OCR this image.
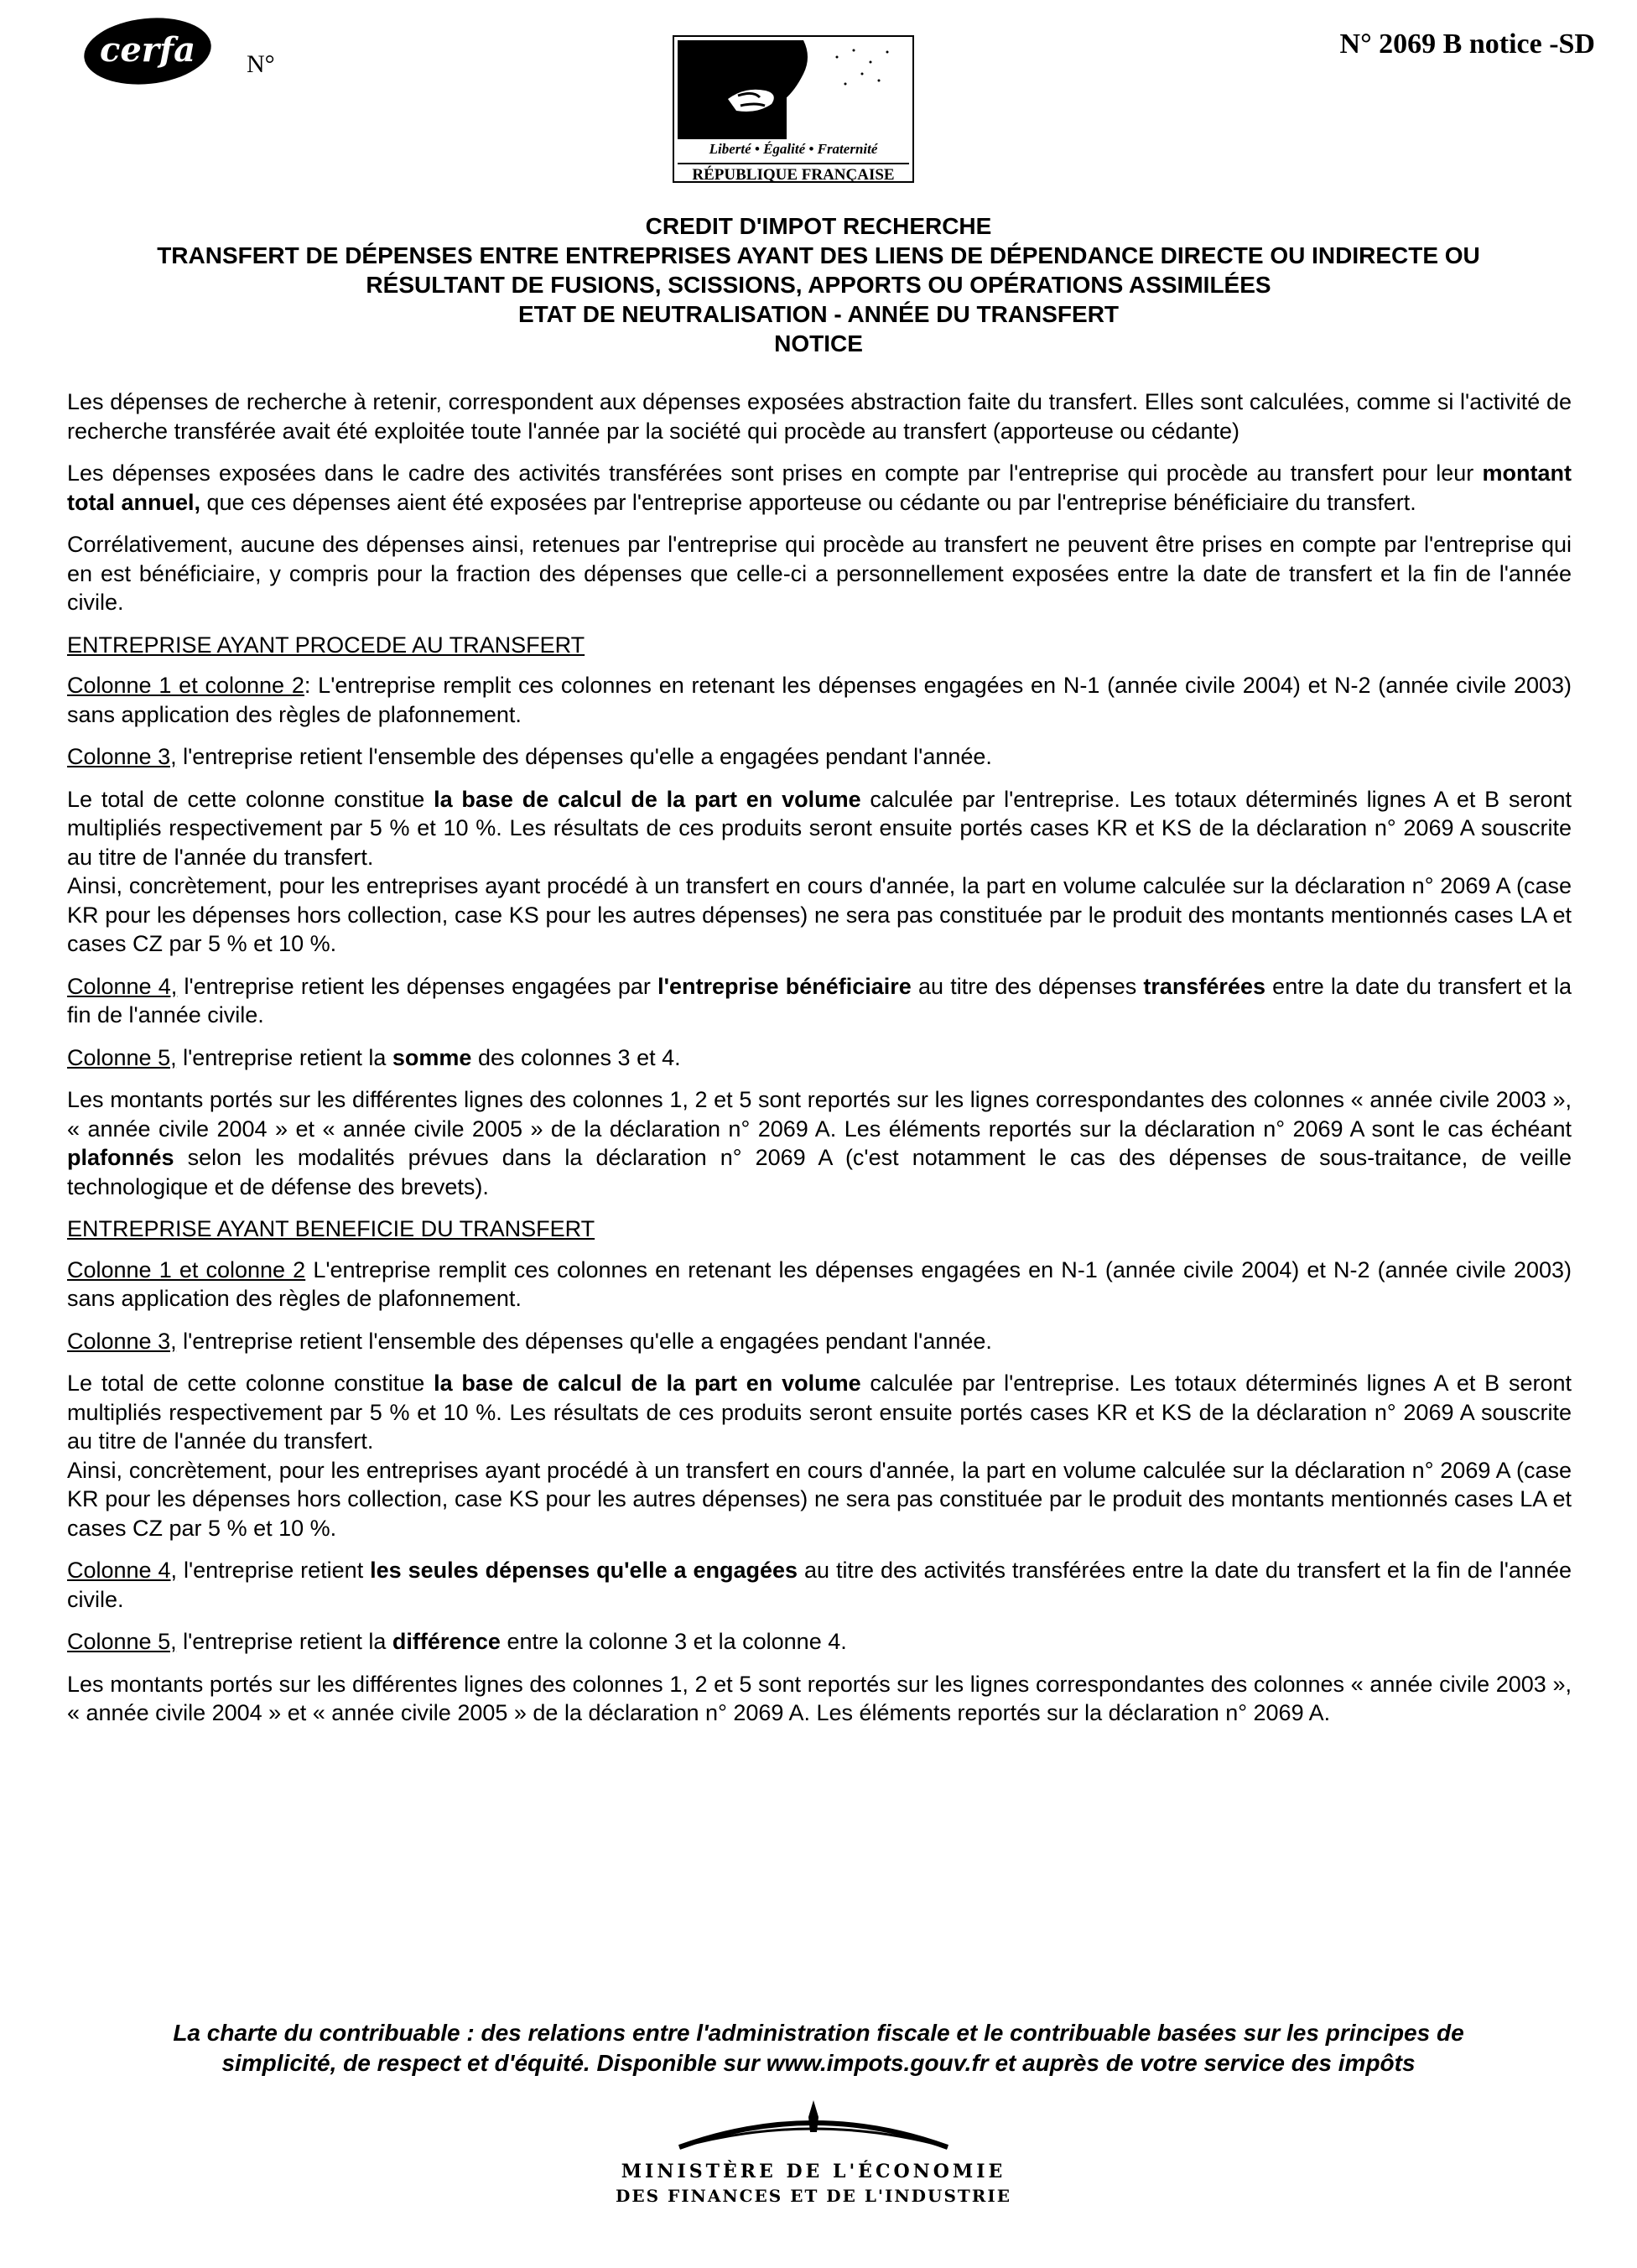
cerfa	N°
N° 2069 B notice -SD
Liberté • Égalité • Fraternité
RÉPUBLIQUE FRANÇAISE
CREDIT D'IMPOT RECHERCHE
TRANSFERT DE DÉPENSES ENTRE ENTREPRISES AYANT DES LIENS DE DÉPENDANCE DIRECTE OU INDIRECTE OU
RÉSULTANT DE FUSIONS, SCISSIONS, APPORTS OU OPÉRATIONS ASSIMILÉES
ETAT DE NEUTRALISATION - ANNÉE DU TRANSFERT
NOTICE

Les dépenses de recherche à retenir, correspondent aux dépenses exposées abstraction faite du transfert. Elles sont calculées, comme si l'activité de recherche transférée avait été exploitée toute l'année par la société qui procède au transfert (apporteuse ou cédante)

Les dépenses exposées dans le cadre des activités transférées sont prises en compte par l'entreprise qui procède au transfert pour leur montant total annuel, que ces dépenses aient été exposées par l'entreprise apporteuse ou cédante ou par l'entreprise bénéficiaire du transfert.

Corrélativement, aucune des dépenses ainsi, retenues par l'entreprise qui procède au transfert ne peuvent être prises en compte par l'entreprise qui en est bénéficiaire, y compris pour la fraction des dépenses que celle-ci a personnellement exposées entre la date de transfert et la fin de l'année civile.

ENTREPRISE AYANT PROCEDE AU TRANSFERT

Colonne 1 et colonne 2: L'entreprise remplit ces colonnes en retenant les dépenses engagées en N-1 (année civile 2004) et N-2 (année civile 2003) sans application des règles de plafonnement.

Colonne 3, l'entreprise retient l'ensemble des dépenses qu'elle a engagées pendant l'année.

Le total de cette colonne constitue la base de calcul de la part en volume calculée par l'entreprise. Les totaux déterminés lignes A et B seront multipliés respectivement par 5 % et 10 %. Les résultats de ces produits seront ensuite portés cases KR et KS de la déclaration n° 2069 A souscrite au titre de l'année du transfert.

Ainsi, concrètement, pour les entreprises ayant procédé à un transfert en cours d'année, la part en volume calculée sur la déclaration n° 2069 A (case KR pour les dépenses hors collection, case KS pour les autres dépenses) ne sera pas constituée par le produit des montants mentionnés cases LA et cases CZ par 5 % et 10 %.

Colonne 4, l'entreprise retient les dépenses engagées par l'entreprise bénéficiaire au titre des dépenses transférées entre la date du transfert et la fin de l'année civile.

Colonne 5, l'entreprise retient la somme des colonnes 3 et 4.

Les montants portés sur les différentes lignes des colonnes 1, 2 et 5 sont reportés sur les lignes correspondantes des colonnes « année civile 2003 », « année civile 2004 » et « année civile 2005 » de la déclaration n° 2069 A. Les éléments reportés sur la déclaration n° 2069 A sont le cas échéant plafonnés selon les modalités prévues dans la déclaration n° 2069 A (c'est notamment le cas des dépenses de sous-traitance, de veille technologique et de défense des brevets).

ENTREPRISE AYANT BENEFICIE DU TRANSFERT

Colonne 1 et colonne 2 L'entreprise remplit ces colonnes en retenant les dépenses engagées en N-1 (année civile 2004) et N-2 (année civile 2003) sans application des règles de plafonnement.

Colonne 3, l'entreprise retient l'ensemble des dépenses qu'elle a engagées pendant l'année.

Le total de cette colonne constitue la base de calcul de la part en volume calculée par l'entreprise. Les totaux déterminés lignes A et B seront multipliés respectivement par 5 % et 10 %. Les résultats de ces produits seront ensuite portés cases KR et KS de la déclaration n° 2069 A souscrite au titre de l'année du transfert.

Ainsi, concrètement, pour les entreprises ayant procédé à un transfert en cours d'année, la part en volume calculée sur la déclaration n° 2069 A (case KR pour les dépenses hors collection, case KS pour les autres dépenses) ne sera pas constituée par le produit des montants mentionnés cases LA et cases CZ par 5 % et 10 %.

Colonne 4, l'entreprise retient les seules dépenses qu'elle a engagées au titre des activités transférées entre la date du transfert et la fin de l'année civile.

Colonne 5, l'entreprise retient la différence entre la colonne 3 et la colonne 4.

Les montants portés sur les différentes lignes des colonnes 1, 2 et 5 sont reportés sur les lignes correspondantes des colonnes « année civile 2003 », « année civile 2004 » et « année civile 2005 » de la déclaration n° 2069 A. Les éléments reportés sur la déclaration n° 2069 A.

La charte du contribuable : des relations entre l'administration fiscale et le contribuable basées sur les principes de
simplicité, de respect et d'équité. Disponible sur www.impots.gouv.fr et auprès de votre service des impôts
MINISTÈRE DE L'ÉCONOMIE
DES FINANCES ET DE L'INDUSTRIE
